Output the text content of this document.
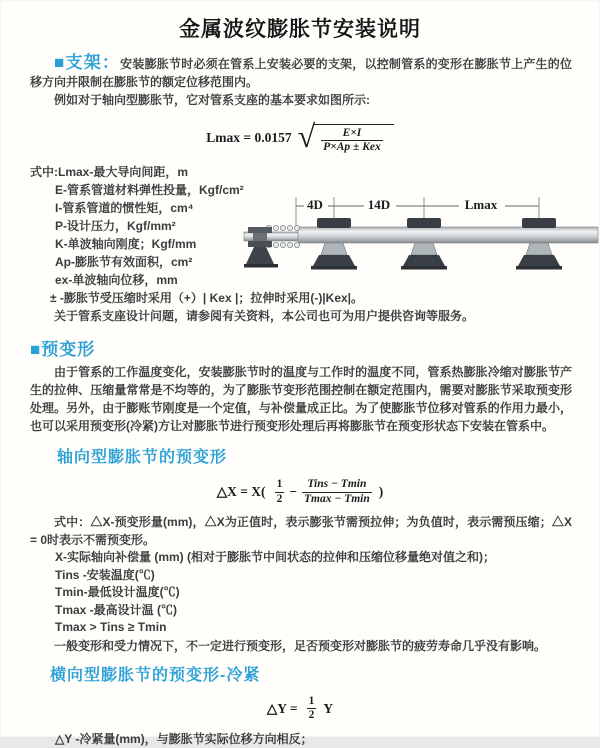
金属波纹膨胀节安装说明

■支架：安装膨胀节时必须在管系上安装必要的支架，以控制管系的变形在膨胀节上产生的位移方向并限制在膨胀节的额定位移范围内。

例如对于轴向型膨胀节，它对管系支座的基本要求如图所示:

Lmax = 0.0157 √ $\frac{E\times I}{\text{P×Ap ± Kex}}$
式中:Lmax-最大导向间距，m
E-管系管道材料弹性投量，Kgf/cm²
I-管系管道的惯性矩，cm⁴
P-设计压力，Kgf/mm²
K-单波轴向刚度；Kgf/mm
Ap-膨胀节有效面积，cm²
ex-单波轴向位移，mm
± -膨胀节受压缩时采用（+）| Kex |；拉伸时采用(-)|Kex|。
4D	14D	Lmax

关于管系支座设计问题，请参阅有关资料，本公司也可为用户提供咨询等服务。

■预变形

由于管系的工作温度变化，安装膨胀节时的温度与工作时的温度不同，管系热膨胀冷缩对膨胀节产生的拉伸、压缩量常常是不均等的，为了膨胀节变形范围控制在额定范围内，需要对膨胀节采取预变形处理。另外，由于膨账节刚度是一个定值，与补偿量成正比。为了使膨胀节位移对管系的作用力最小，也可以采用预变形(冷紧)方让对膨胀节进行预变形处理后再将膨胀节在预变形状态下安装在管系中。

轴向型膨胀节的预变形
△X = $X( \frac{1}{2} - \frac{\text{Tins − Tmin}}{Tmax - Tmin}$ )

式中：△X-预变形量(mm)，△X为正值时，表示膨张节需预拉伸；为负值时，表示需预压缩；△X = 0时表示不需预变形。

X-实际轴向补偿量 (mm) (相对于膨胀节中间状态的拉伸和压缩位移量绝对值之和)；
Tins -安装温度(℃)
Tmin-最低设计温度(℃)
Tmax -最高设计温 (℃)
Tmax > Tins ≥ Tmin

一般变形和受力情况下，不一定进行预变形，足否预变形对膨胀节的疲劳寿命几乎没有影响。

横向型膨胀节的预变形-冷紧
△Y = $\frac{1}{2}$ Y
△Y -冷紧量(mm)，与膨胀节实际位移方向相反；
